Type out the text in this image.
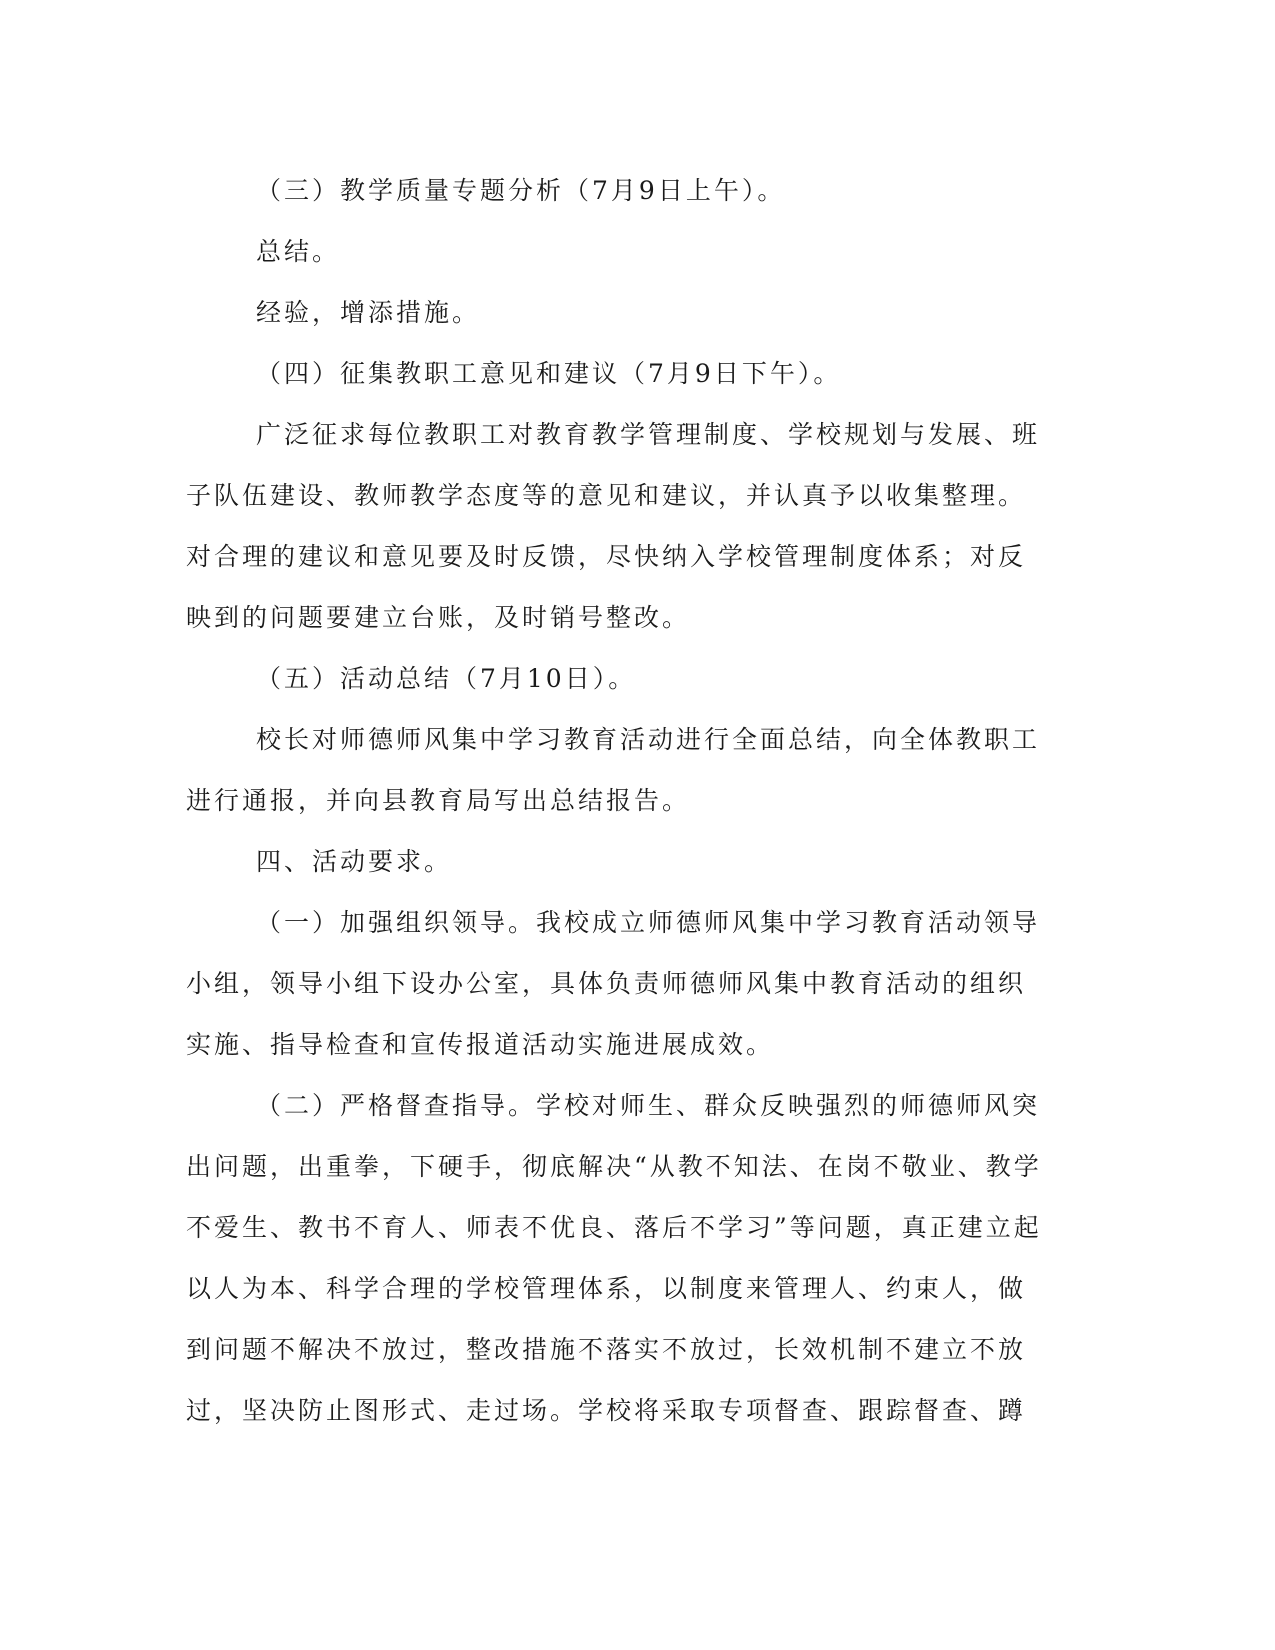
（三）教学质量专题分析（7月9日上午）。
总结。
经验，增添措施。
（四）征集教职工意见和建议（7月9日下午）。
广泛征求每位教职工对教育教学管理制度、学校规划与发展、班
子队伍建设、教师教学态度等的意见和建议，并认真予以收集整理。
对合理的建议和意见要及时反馈，尽快纳入学校管理制度体系；对反
映到的问题要建立台账，及时销号整改。
（五）活动总结（7月10日）。
校长对师德师风集中学习教育活动进行全面总结，向全体教职工
进行通报，并向县教育局写出总结报告。
四、活动要求。
（一）加强组织领导。我校成立师德师风集中学习教育活动领导
小组，领导小组下设办公室，具体负责师德师风集中教育活动的组织
实施、指导检查和宣传报道活动实施进展成效。
（二）严格督查指导。学校对师生、群众反映强烈的师德师风突
出问题，出重拳，下硬手，彻底解决“从教不知法、在岗不敬业、教学
不爱生、教书不育人、师表不优良、落后不学习”等问题，真正建立起
以人为本、科学合理的学校管理体系，以制度来管理人、约束人，做
到问题不解决不放过，整改措施不落实不放过，长效机制不建立不放
过，坚决防止图形式、走过场。学校将采取专项督查、跟踪督查、蹲
